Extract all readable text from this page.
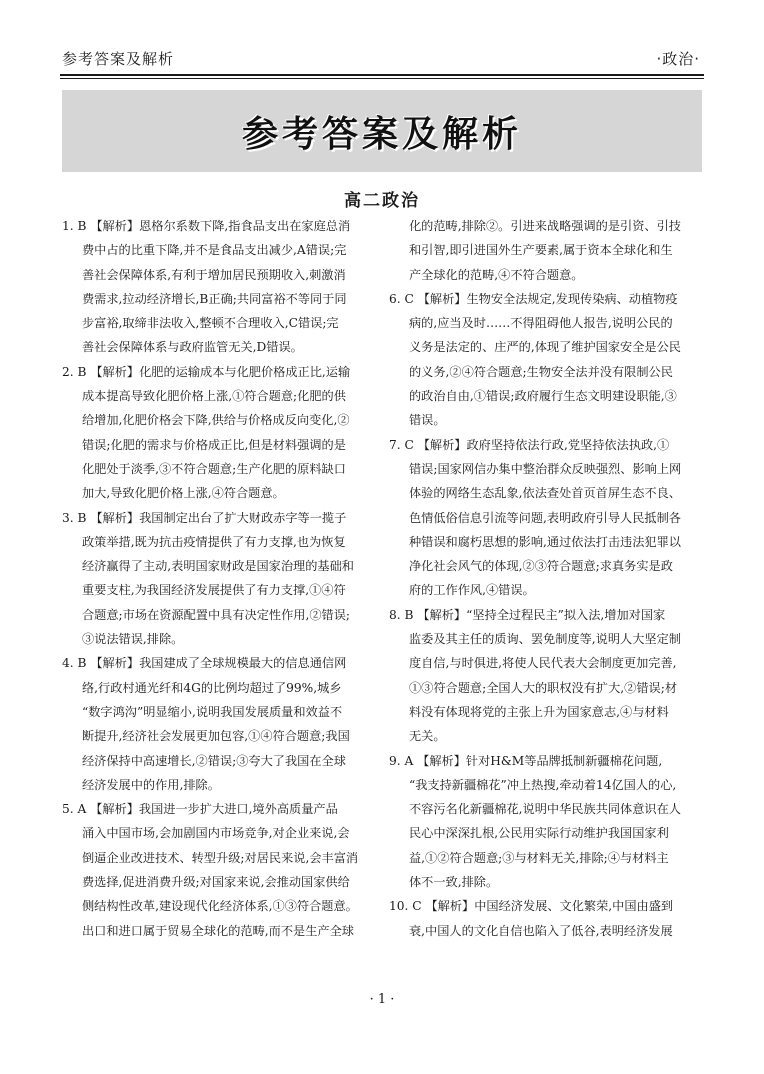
参考答案及解析	·政治·
参考答案及解析
高二政治
1. B 【解析】恩格尔系数下降,指食品支出在家庭总消
费中占的比重下降,并不是食品支出减少,A错误;完
善社会保障体系,有利于增加居民预期收入,刺激消
费需求,拉动经济增长,B正确;共同富裕不等同于同
步富裕,取缔非法收入,整顿不合理收入,C错误;完
善社会保障体系与政府监管无关,D错误。
2. B 【解析】化肥的运输成本与化肥价格成正比,运输
成本提高导致化肥价格上涨,①符合题意;化肥的供
给增加,化肥价格会下降,供给与价格成反向变化,②
错误;化肥的需求与价格成正比,但是材料强调的是
化肥处于淡季,③不符合题意;生产化肥的原料缺口
加大,导致化肥价格上涨,④符合题意。
3. B 【解析】我国制定出台了扩大财政赤字等一揽子
政策举措,既为抗击疫情提供了有力支撑,也为恢复
经济赢得了主动,表明国家财政是国家治理的基础和
重要支柱,为我国经济发展提供了有力支撑,①④符
合题意;市场在资源配置中具有决定性作用,②错误;
③说法错误,排除。
4. B 【解析】我国建成了全球规模最大的信息通信网
络,行政村通光纤和4G的比例均超过了99%,城乡
“数字鸿沟”明显缩小,说明我国发展质量和效益不
断提升,经济社会发展更加包容,①④符合题意;我国
经济保持中高速增长,②错误;③夸大了我国在全球
经济发展中的作用,排除。
5. A 【解析】我国进一步扩大进口,境外高质量产品
涌入中国市场,会加剧国内市场竞争,对企业来说,会
倒逼企业改进技术、转型升级;对居民来说,会丰富消
费选择,促进消费升级;对国家来说,会推动国家供给
侧结构性改革,建设现代化经济体系,①③符合题意。
出口和进口属于贸易全球化的范畴,而不是生产全球
化的范畴,排除②。引进来战略强调的是引资、引技
和引智,即引进国外生产要素,属于资本全球化和生
产全球化的范畴,④不符合题意。
6. C 【解析】生物安全法规定,发现传染病、动植物疫
病的,应当及时……不得阻碍他人报告,说明公民的
义务是法定的、庄严的,体现了维护国家安全是公民
的义务,②④符合题意;生物安全法并没有限制公民
的政治自由,①错误;政府履行生态文明建设职能,③
错误。
7. C 【解析】政府坚持依法行政,党坚持依法执政,①
错误;国家网信办集中整治群众反映强烈、影响上网
体验的网络生态乱象,依法查处首页首屏生态不良、
色情低俗信息引流等问题,表明政府引导人民抵制各
种错误和腐朽思想的影响,通过依法打击违法犯罪以
净化社会风气的体现,②③符合题意;求真务实是政
府的工作作风,④错误。
8. B 【解析】“坚持全过程民主”拟入法,增加对国家
监委及其主任的质询、罢免制度等,说明人大坚定制
度自信,与时俱进,将使人民代表大会制度更加完善,
①③符合题意;全国人大的职权没有扩大,②错误;材
料没有体现将党的主张上升为国家意志,④与材料
无关。
9. A 【解析】针对H&M等品牌抵制新疆棉花问题,
“我支持新疆棉花”冲上热搜,牵动着14亿国人的心,
不容污名化新疆棉花,说明中华民族共同体意识在人
民心中深深扎根,公民用实际行动维护我国国家利
益,①②符合题意;③与材料无关,排除;④与材料主
体不一致,排除。
10. C 【解析】中国经济发展、文化繁荣,中国由盛到
衰,中国人的文化自信也陷入了低谷,表明经济发展
· 1 ·
